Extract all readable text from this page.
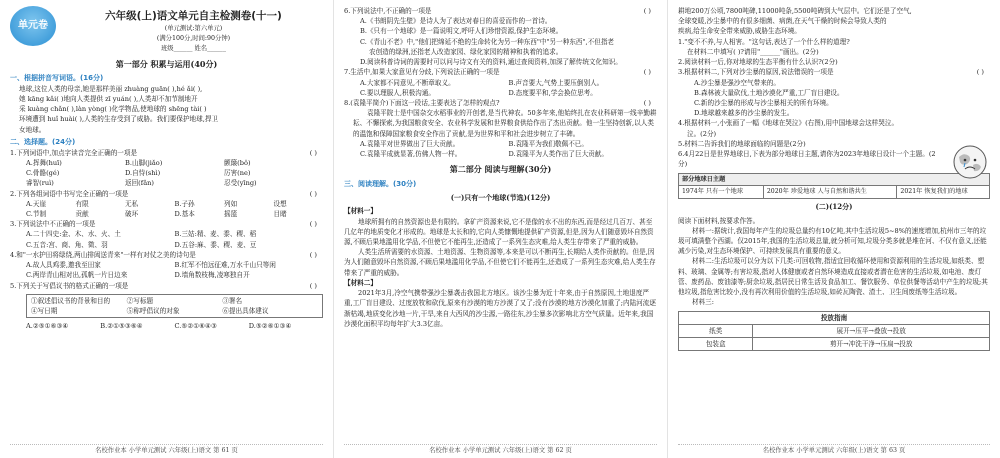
单元卷
六年级(上)语文单元自主检测卷(十一)
(单元测试:第六单元)
(满分100分,时间:90分钟)
班级______ 姓名______
第一部分 积累与运用(40分)
一、根据拼音写词语。(16分)
地球,这位人类的母亲,她是那样美丽 zhuàng guān( ),hé ǎi( ),
她 kāng kǎi( )地向人类提供 zī yuán( ),人类却不加节制地开
采 kuàng chǎn( ),làn yòng( )化学物品,使地球的 shēng tài( )
环境遭到 huǐ huài( ),人类的生存受到了威胁。我们要保护地球,捍卫
女地球。
二、选择题。(24分)
( )
1.下列词语中,加点字读音完全正确的一项是
A.挥舞(huī)	B.山脚(jiǎo)	颤簸(bǒ)
C.骨骼(gé)	D.自恃(shì)	厉害(ne)
睿智(ruì)	返回(fǎn)	忍受(yīng)
( )
2.下列各组词语中书写完全正确的一项是
A.天崖	有限	无私	B.子孙	列如	设想
C.节制	贡献	破坏	D.基本	摇篮	目睹
( )
3.下列说法中不正确的一项是
A.二十四史:金、木、水、火、土	B.三姑:精、麦、黍、稷、稻
C.五音:宫、商、角、徵、羽	D.五谷:麻、黍、稷、麦、豆
( )
4.和"一水护田将绿绕,两山排闼送青来"一样有对仗之美的诗句是
A.故人具鸡黍,邀我至田家	B.红军不怕远征难,万水千山只等闲
C.两岸青山相对出,孤帆一片日边来	D.墙角数枝梅,凌寒独自开
( )
5.下列关于写倡议书的格式正确的一项是
①叙述倡议书的背景和目的	②写标题	③署名
④写日期	⑤称呼倡议的对象	⑥提出具体建议
A.②⑤①⑥③④	B.②①⑤③⑥④	C.⑤②①⑥④③	D.⑤②⑥①③④
名校作业本 小学单元测试 六年级(上)语文 第 61 页
( )
6.下列说法中,不正确的一项是
A.《书朗阴先生壁》是诗人为了表达对春日的喜爱而作的一首诗。
B.《只有一个地球》是一篇说明文,呼吁人们珍惜资源,保护生态环境。
C.《青山不老》中,"他们把绵延不绝的生命转化为另一种东西"中"另一种东西",不但指老
农创造的绿洲,还指老人改造家园、绿化家园的精神和执着的追求。
D.阅读科普诗词的需要时可以问与诗文有关的资料,通过查阅资料,加深了解传统文化知识。
( )
7.生活中,如果大家意见有分歧,下列说法正确的一项是
A.大家都不同意见,不断章取义。	B.声音要大,气势上要压倒别人。
C.要以理服人,积极沟通。	D.态度要平和,学会换位思考。
( )
8.(袁隆平简介)下面这一段话,主要表达了怎样的观点?
袁隆平院士是中国杂交水稻事业的开创者,是当代神农。50多年来,他始终扎在农业科研第一线辛勤耕耘、不懈探索,为我国粮食安全、农业科学发展和世界粮食供给作出了杰出贡献。他一生坚持创新,以人类的温饱和保障国家粮食安全作出了贡献,是为世界和平和社会进步树立了丰碑。
A.袁隆平对世界做出了巨大贡献。	B.袁隆平为我们敬佩不已。
C.袁隆平成就显著,仿佛人物一样。	D.袁隆平为人类作出了巨大贡献。
第二部分 阅读与理解(30分)
三、阅读理解。(30分)
(一)只有一个地球(节选)(12分)
【材料一】
地球所拥有的自然资源也是有限的。拿矿产资源来说,它不是像的水不出的东西,而是经过几百万、甚至几亿年的地质变化才形成的。地球是太长和的,它向人类慷慨地提供矿产资源,但是,因为人们随意毁坏自然资源,不顾后果地滥用化学品,不但使它不能再生,还造成了一系列生态灾难,给人类生存带来了严重的威胁。
人类生活所需要的水资源、土地资源、生物资源等,本来是可以不断再生,长期给人类作贡献的。但是,因为人们随意毁坏自然资源,不顾后果地滥用化学品,不但使它们不能再生,还造成了一系列生态灾难,给人类生存带来了严重的威胁。
【材料二】
2021年3月,冷空气携带强沙尘暴袭击我国北方地区。该沙尘暴为近十年来,由于自然原因,土地退度严重,工厂盲目建设、过度放牧和砍伐,原来有沙漠的地方沙漠了又了;没有沙漠的地方沙漠化加重了;内陆河流逐渐枯竭,地质变化沙地一片,干旱,来自大西风的沙尘源,一路往东,沙尘暴多次影响北方空气质量。近年来,我国沙漠化面积平均每年扩大3.3亿亩。
名校作业本 小学单元测试 六年级(上)语文 第 62 页
耕地200万公顷,7800吨碑,11000吨条,5500吨碑到大气层中。它们还是了空气,
全球变暖,沙尘暴中的有很多细菌、病菌,在天气干燥的时候会导致人类的
疾病,给生命安全带来威胁,威胁生态环境。
1."变不不养,与人相害。"这句话,表达了一个什么样的道理?
在材料二中填写( )?请用"______"画出。(2分)
2.阅读材料一后,你对地球的生态平衡有什么认识?(2分)
( )
3.根据材料二,下列对沙尘暴的原因,说法错误的一项是
A.沙尘暴是强沙空气带来的。
B.森林被大量砍伐,土地沙漠化严重,工厂盲目建设。
C.新的沙尘暴的形成与沙尘暴相关的所有环境。
D.地球越来越多的沙尘暴的发生。
4.根据材料一,小张画了一幅《地球在哭泣》(右图),用中国地球会这样哭泣。
泣。(2分)
5.材料二告诉我们的地球面临的问题是(2分)
6.4月22日是世界地球日,下表为部分地球日主题,请你为2023年地球日设计一个主题。(2分)
部分地球日主题
1974年 只有一个地球	2020年 珍爱地球 人与自然和谐共生	2021年 恢复我们的地球
(二)(12分)
阅读下面材料,按要求作答。
材料一:据统计,我国每年产生的垃圾总量约有10亿吨,其中生活垃圾5~8%的速度增加,杭州市三年的垃圾可填满整个西湖。仅2015年,我国的生活垃圾总量,就分析可知,垃圾分类多就是堆在河、不仅有意义,还能减少污染,对生态环境保护、可持续发展具有重要的意义。
材料二:生活垃圾可以分为以下几类:可回收物,指适宜回收循环使用和资源利用的生活垃圾,如纸类、塑料、玻璃、金属等;有害垃圾,指对人体健康或者自然环境造成直接或者潜在危害的生活垃圾,如电池、废灯管、废药品、废油漆等;厨余垃圾,指居民日常生活及食品加工、餐饮服务、单位供餐等活动中产生的垃圾;其他垃圾,指危害比较小,没有再次利用价值的生活垃圾,如砖瓦陶瓷、渣土、卫生间废纸等生活垃圾。
材料三:
投放指南	
纸类	展开→压平→叠放→投放
包装盒	剪开→冲洗干净→压扁→投放
名校作业本 小学单元测试 六年级(上)语文 第 63 页
